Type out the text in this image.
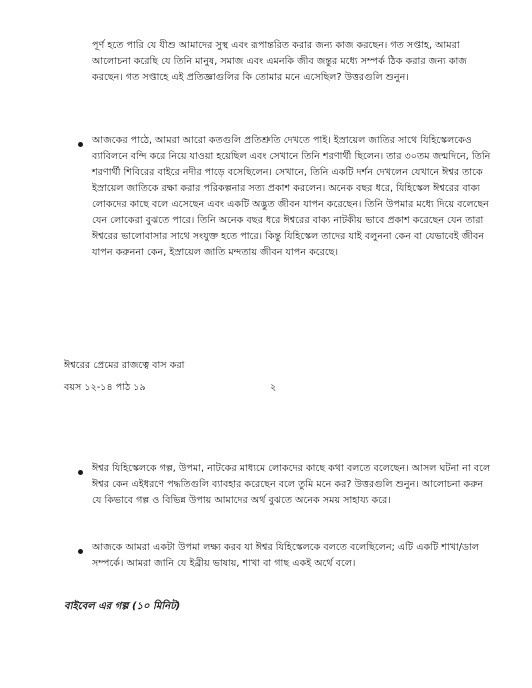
পূর্ণ হতে পারি যে যীশু আমাদের সুস্থ এবং রূপান্তরিত করার জন্য কাজ করছেন। গত সপ্তাহ, আমরা আলোচনা করেছি যে তিনি মানুষ, সমাজ এবং এমনকি জীব জন্তুর মধ্যে সম্পর্ক ঠিক করার জন্য কাজ করছেন। গত সপ্তাহে এই প্রতিজ্ঞাগুলির কি তোমার মনে এসেছিল? উত্তরগুলি শুনুন।

আজকের পাঠে, আমরা আরো কতগুলি প্রতিশ্রুতি দেখতে পাই। ইস্রায়েল জাতির সাথে যিহিস্কেলকেও ব্যাবিলনে বন্দি করে নিয়ে যাওয়া হয়েছিল এবং সেখানে তিনি শরণার্থী ছিলেন। তার ৩০তম জন্মদিনে, তিনি শরণার্থী শিবিরের বাইরে নদীর পাড়ে বসেছিলেন। সেখানে, তিনি একটি দর্শন দেখলেন যেখানে ঈশ্বর তাকে ইস্রায়েল জাতিকে রক্ষা করার পরিকল্পনার সত্য প্রকাশ করলেন। অনেক বছর ধরে, যিহিস্কেল ঈশ্বরের বাক্য লোকদের কাছে বলে এসেছেন এবং একটি অদ্ভুত জীবন যাপন করেছেন। তিনি উপমার মধ্যে দিয়ে বলেছেন যেন লোকেরা বুঝতে পারে। তিনি অনেক বছর ধরে ঈশ্বরের বাক্য নাটকীয় ভাবে প্রকাশ করেছেন যেন তারা ঈশ্বরের ভালোবাসার সাথে সংযুক্ত হতে পারে। কিন্তু যিহিস্কেল তাদের যাই বলুননা কেন বা যেভাবেই জীবন যাপন করুননা কেন, ইস্রায়েল জাতি মন্দতায় জীবন যাপন করেছে।

ঈশ্বরের প্রেমের রাজত্বে বাস করা

বয়স ১২-১৪ পাঠ ১৯	২

ঈশ্বর যিহিস্কেলকে গল্প, উপমা, নাটকের মাধ্যমে লোকদের কাছে কথা বলতে বলেছেন। আসল ঘটনা না বলে ঈশ্বর কেন এইধরণে পদ্ধতিগুলি ব্যাবহার করেছেন বলে তুমি মনে কর? উত্তরগুলি শুনুন। আলোচনা করুন যে কিভাবে গল্প ও বিভিন্ন উপায় আমাদের অর্থ বুঝতে অনেক সময় সাহায্য করে।

আজকে আমরা একটা উপমা লক্ষ্য করব যা ঈশ্বর যিহিস্কেলকে বলতে বলেছিলেন; এটি একটি শাখা/ডাল সম্পর্কে। আমরা জানি যে ইব্রীয় ভাষায়, শাখা বা গাছ একই অর্থে বলে।

বাইবেল এর গল্প (১০ মিনিট)
